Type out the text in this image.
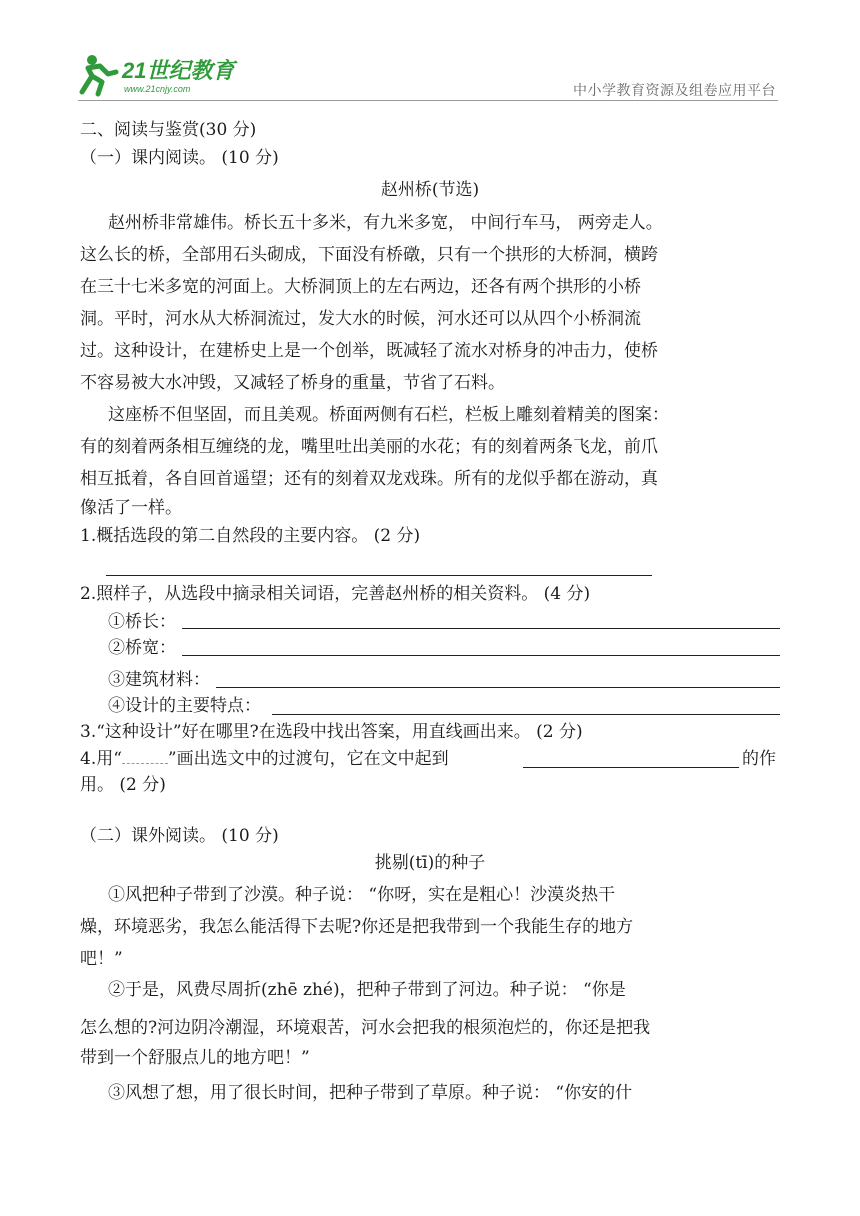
21世纪教育
www.21cnjy.com	中小学教育资源及组卷应用平台
二、阅读与鉴赏(30 分)
（一）课内阅读。 (10 分)
赵州桥(节选)
赵州桥非常雄伟。桥长五十多米，有九米多宽， 中间行车马， 两旁走人。
这么长的桥，全部用石头砌成，下面没有桥礅，只有一个拱形的大桥洞，横跨
在三十七米多宽的河面上。大桥洞顶上的左右两边，还各有两个拱形的小桥
洞。平时，河水从大桥洞流过，发大水的时候，河水还可以从四个小桥洞流
过。这种设计，在建桥史上是一个创举，既减轻了流水对桥身的冲击力，使桥
不容易被大水冲毁，又减轻了桥身的重量，节省了石料。
这座桥不但坚固，而且美观。桥面两侧有石栏，栏板上雕刻着精美的图案：
有的刻着两条相互缠绕的龙，嘴里吐出美丽的水花；有的刻着两条飞龙，前爪
相互抵着，各自回首遥望；还有的刻着双龙戏珠。所有的龙似乎都在游动，真
像活了一样。
1.概括选段的第二自然段的主要内容。 (2 分)
2.照样子，从选段中摘录相关词语，完善赵州桥的相关资料。 (4 分)
①桥长：
②桥宽：
③建筑材料：
④设计的主要特点：
3.“这种设计”好在哪里?在选段中找出答案，用直线画出来。 (2 分)
4.用“	”画出选文中的过渡句，它在文中起到	的作
用。 (2 分)
（二）课外阅读。 (10 分)
挑剔(tī)的种子
①风把种子带到了沙漠。种子说： “你呀，实在是粗心！沙漠炎热干
燥，环境恶劣，我怎么能活得下去呢?你还是把我带到一个我能生存的地方
吧！”
②于是，风费尽周折(zhē zhé)，把种子带到了河边。种子说： “你是
怎么想的?河边阴冷潮湿，环境艰苦，河水会把我的根须泡烂的，你还是把我
带到一个舒服点儿的地方吧！”
③风想了想，用了很长时间，把种子带到了草原。种子说： “你安的什
